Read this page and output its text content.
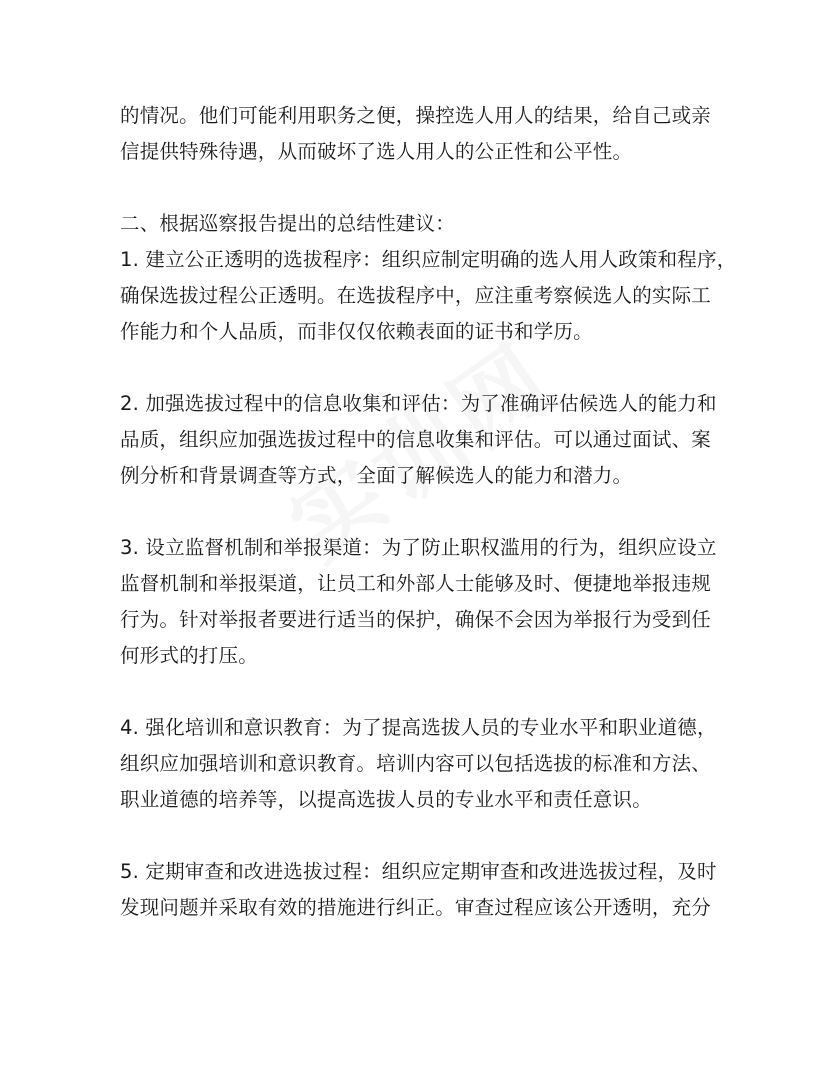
的情况。他们可能利用职务之便，操控选人用人的结果，给自己或亲
信提供特殊待遇，从而破坏了选人用人的公正性和公平性。
二、根据巡察报告提出的总结性建议：
1. 建立公正透明的选拔程序：组织应制定明确的选人用人政策和程序，
确保选拔过程公正透明。在选拔程序中，应注重考察候选人的实际工
作能力和个人品质，而非仅仅依赖表面的证书和学历。
2. 加强选拔过程中的信息收集和评估：为了准确评估候选人的能力和
品质，组织应加强选拔过程中的信息收集和评估。可以通过面试、案
例分析和背景调查等方式，全面了解候选人的能力和潜力。
3. 设立监督机制和举报渠道：为了防止职权滥用的行为，组织应设立
监督机制和举报渠道，让员工和外部人士能够及时、便捷地举报违规
行为。针对举报者要进行适当的保护，确保不会因为举报行为受到任
何形式的打压。
4. 强化培训和意识教育：为了提高选拔人员的专业水平和职业道德，
组织应加强培训和意识教育。培训内容可以包括选拔的标准和方法、
职业道德的培养等，以提高选拔人员的专业水平和责任意识。
5. 定期审查和改进选拔过程：组织应定期审查和改进选拔过程，及时
发现问题并采取有效的措施进行纠正。审查过程应该公开透明，充分
